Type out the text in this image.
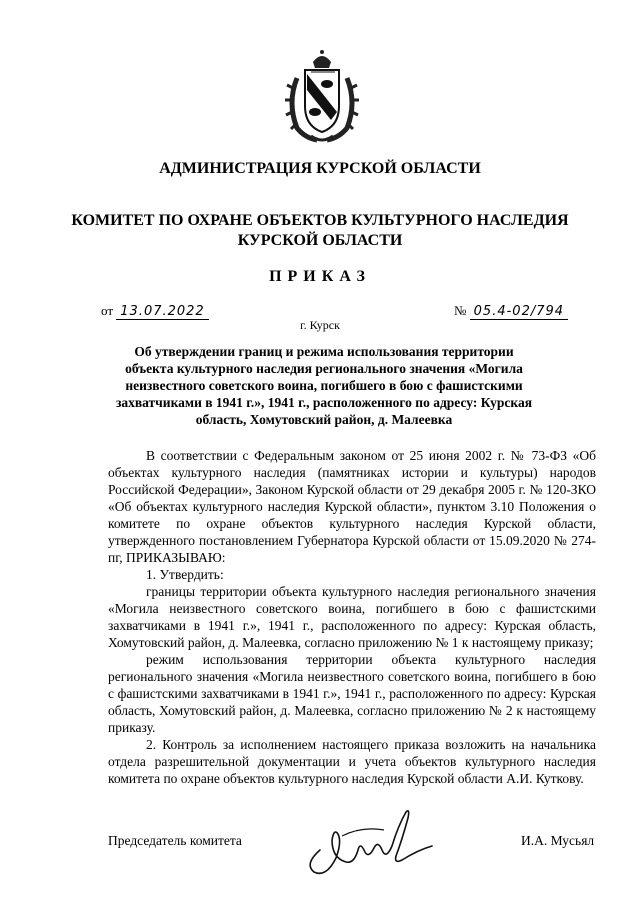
АДМИНИСТРАЦИЯ КУРСКОЙ ОБЛАСТИ
КОМИТЕТ ПО ОХРАНЕ ОБЪЕКТОВ КУЛЬТУРНОГО НАСЛЕДИЯ
КУРСКОЙ ОБЛАСТИ
ПРИКАЗ
от 13.07.2022	№ 05.4-02/794
г. Курск
Об утверждении границ и режима использования территории объекта культурного наследия регионального значения «Могила неизвестного советского воина, погибшего в бою с фашистскими захватчиками в 1941 г.», 1941 г., расположенного по адресу: Курская область, Хомутовский район, д. Малеевка

В соответствии с Федеральным законом от 25 июня 2002 г. № 73-ФЗ «Об объектах культурного наследия (памятниках истории и культуры) народов Российской Федерации», Законом Курской области от 29 декабря 2005 г. № 120-ЗКО «Об объектах культурного наследия Курской области», пунктом 3.10 Положения о комитете по охране объектов культурного наследия Курской области, утвержденного постановлением Губернатора Курской области от 15.09.2020 № 274-пг, ПРИКАЗЫВАЮ:

1. Утвердить:

границы территории объекта культурного наследия регионального значения «Могила неизвестного советского воина, погибшего в бою с фашистскими захватчиками в 1941 г.», 1941 г., расположенного по адресу: Курская область, Хомутовский район, д. Малеевка, согласно приложению № 1 к настоящему приказу;

режим использования территории объекта культурного наследия регионального значения «Могила неизвестного советского воина, погибшего в бою с фашистскими захватчиками в 1941 г.», 1941 г., расположенного по адресу: Курская область, Хомутовский район, д. Малеевка, согласно приложению № 2 к настоящему приказу.

2. Контроль за исполнением настоящего приказа возложить на начальника отдела разрешительной документации и учета объектов культурного наследия комитета по охране объектов культурного наследия Курской области А.И. Куткову.

Председатель комитета	И.А. Мусьял
